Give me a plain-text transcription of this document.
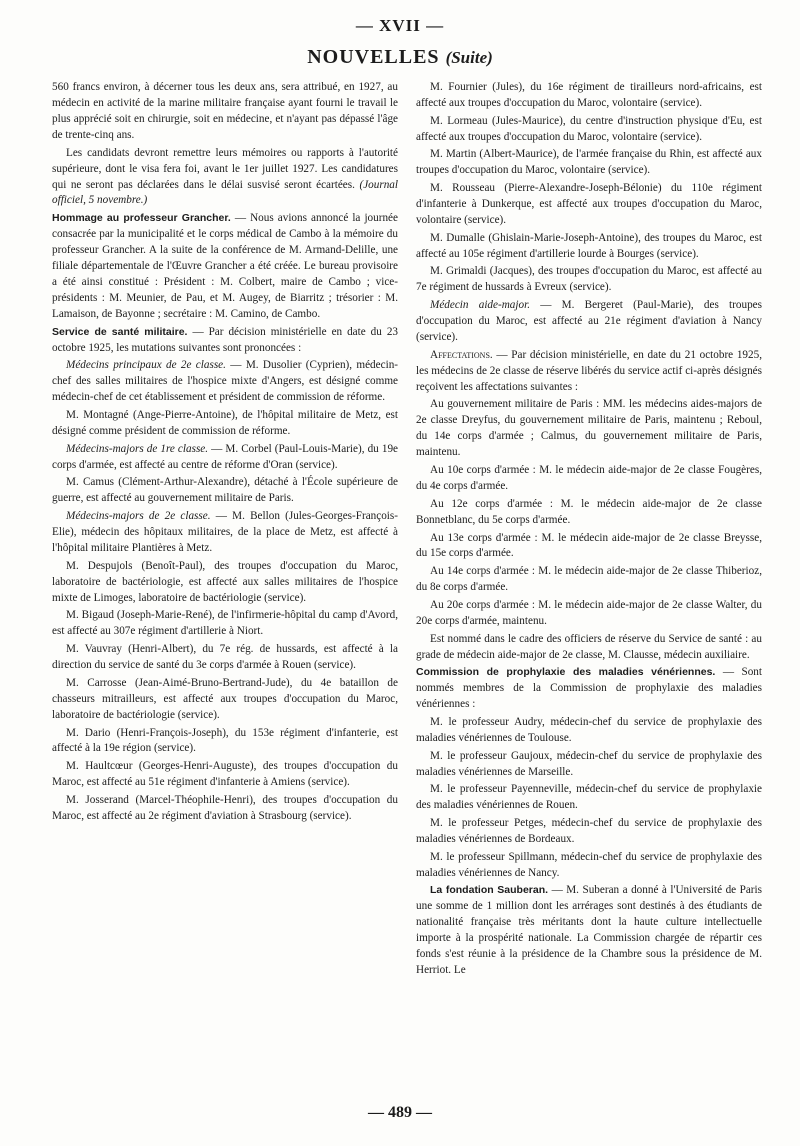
— XVII —
NOUVELLES (Suite)

560 francs environ, à décerner tous les deux ans, sera attribué, en 1927, au médecin en activité de la marine militaire française ayant fourni le travail le plus apprécié soit en chirurgie, soit en médecine, et n'ayant pas dépassé l'âge de trente-cinq ans.

Les candidats devront remettre leurs mémoires ou rapports à l'autorité supérieure, dont le visa fera foi, avant le 1er juillet 1927. Les candidatures qui ne seront pas déclarées dans le délai susvisé seront écartées. (Journal officiel, 5 novembre.)

Hommage au professeur Grancher. — Nous avions annoncé la journée consacrée par la municipalité et le corps médical de Cambo à la mémoire du professeur Grancher. A la suite de la conférence de M. Armand-Delille, une filiale départementale de l'Œuvre Grancher a été créée. Le bureau provisoire a été ainsi constitué : Président : M. Colbert, maire de Cambo ; vice-présidents : M. Meunier, de Pau, et M. Augey, de Biarritz ; trésorier : M. Lamaison, de Bayonne ; secrétaire : M. Camino, de Cambo.

Service de santé militaire. — Par décision ministérielle en date du 23 octobre 1925, les mutations suivantes sont prononcées :

Médecins principaux de 2e classe. — M. Dusolier (Cyprien), médecin-chef des salles militaires de l'hospice mixte d'Angers, est désigné comme médecin-chef de cet établissement et président de commission de réforme.

M. Montagné (Ange-Pierre-Antoine), de l'hôpital militaire de Metz, est désigné comme président de commission de réforme.

Médecins-majors de 1re classe. — M. Corbel (Paul-Louis-Marie), du 19e corps d'armée, est affecté au centre de réforme d'Oran (service).

M. Camus (Clément-Arthur-Alexandre), détaché à l'École supérieure de guerre, est affecté au gouvernement militaire de Paris.

Médecins-majors de 2e classe. — M. Bellon (Jules-Georges-François-Elie), médecin des hôpitaux militaires, de la place de Metz, est affecté à l'hôpital militaire Plantières à Metz.

M. Despujols (Benoît-Paul), des troupes d'occupation du Maroc, laboratoire de bactériologie, est affecté aux salles militaires de l'hospice mixte de Limoges, laboratoire de bactériologie (service).

M. Bigaud (Joseph-Marie-René), de l'infirmerie-hôpital du camp d'Avord, est affecté au 307e régiment d'artillerie à Niort.

M. Vauvray (Henri-Albert), du 7e rég. de hussards, est affecté à la direction du service de santé du 3e corps d'armée à Rouen (service).

M. Carrosse (Jean-Aimé-Bruno-Bertrand-Jude), du 4e bataillon de chasseurs mitrailleurs, est affecté aux troupes d'occupation du Maroc, laboratoire de bactériologie (service).

M. Dario (Henri-François-Joseph), du 153e régiment d'infanterie, est affecté à la 19e région (service).

M. Haultcœur (Georges-Henri-Auguste), des troupes d'occupation du Maroc, est affecté au 51e régiment d'infanterie à Amiens (service).

M. Josserand (Marcel-Théophile-Henri), des troupes d'occupation du Maroc, est affecté au 2e régiment d'aviation à Strasbourg (service).

M. Fournier (Jules), du 16e régiment de tirailleurs nord-africains, est affecté aux troupes d'occupation du Maroc, volontaire (service).

M. Lormeau (Jules-Maurice), du centre d'instruction physique d'Eu, est affecté aux troupes d'occupation du Maroc, volontaire (service).

M. Martin (Albert-Maurice), de l'armée française du Rhin, est affecté aux troupes d'occupation du Maroc, volontaire (service).

M. Rousseau (Pierre-Alexandre-Joseph-Bélonie) du 110e régiment d'infanterie à Dunkerque, est affecté aux troupes d'occupation du Maroc, volontaire (service).

M. Dumalle (Ghislain-Marie-Joseph-Antoine), des troupes du Maroc, est affecté au 105e régiment d'artillerie lourde à Bourges (service).

M. Grimaldi (Jacques), des troupes d'occupation du Maroc, est affecté au 7e régiment de hussards à Evreux (service).

Médecin aide-major. — M. Bergeret (Paul-Marie), des troupes d'occupation du Maroc, est affecté au 21e régiment d'aviation à Nancy (service).

Affectations. — Par décision ministérielle, en date du 21 octobre 1925, les médecins de 2e classe de réserve libérés du service actif ci-après désignés reçoivent les affectations suivantes :

Au gouvernement militaire de Paris : MM. les médecins aides-majors de 2e classe Dreyfus, du gouvernement militaire de Paris, maintenu ; Reboul, du 14e corps d'armée ; Calmus, du gouvernement militaire de Paris, maintenu.

Au 10e corps d'armée : M. le médecin aide-major de 2e classe Fougères, du 4e corps d'armée.

Au 12e corps d'armée : M. le médecin aide-major de 2e classe Bonnetblanc, du 5e corps d'armée.

Au 13e corps d'armée : M. le médecin aide-major de 2e classe Breysse, du 15e corps d'armée.

Au 14e corps d'armée : M. le médecin aide-major de 2e classe Thiberioz, du 8e corps d'armée.

Au 20e corps d'armée : M. le médecin aide-major de 2e classe Walter, du 20e corps d'armée, maintenu.

Est nommé dans le cadre des officiers de réserve du Service de santé : au grade de médecin aide-major de 2e classe, M. Clausse, médecin auxiliaire.

Commission de prophylaxie des maladies vénériennes. — Sont nommés membres de la Commission de prophylaxie des maladies vénériennes :

M. le professeur Audry, médecin-chef du service de prophylaxie des maladies vénériennes de Toulouse.

M. le professeur Gaujoux, médecin-chef du service de prophylaxie des maladies vénériennes de Marseille.

M. le professeur Payenneville, médecin-chef du service de prophylaxie des maladies vénériennes de Rouen.

M. le professeur Petges, médecin-chef du service de prophylaxie des maladies vénériennes de Bordeaux.

M. le professeur Spillmann, médecin-chef du service de prophylaxie des maladies vénériennes de Nancy.

La fondation Sauberan. — M. Suberan a donné à l'Université de Paris une somme de 1 million dont les arrérages sont destinés à des étudiants de nationalité française très méritants dont la haute culture intellectuelle importe à la prospérité nationale. La Commission chargée de répartir ces fonds s'est réunie à la présidence de la Chambre sous la présidence de M. Herriot. Le

— 489 —
